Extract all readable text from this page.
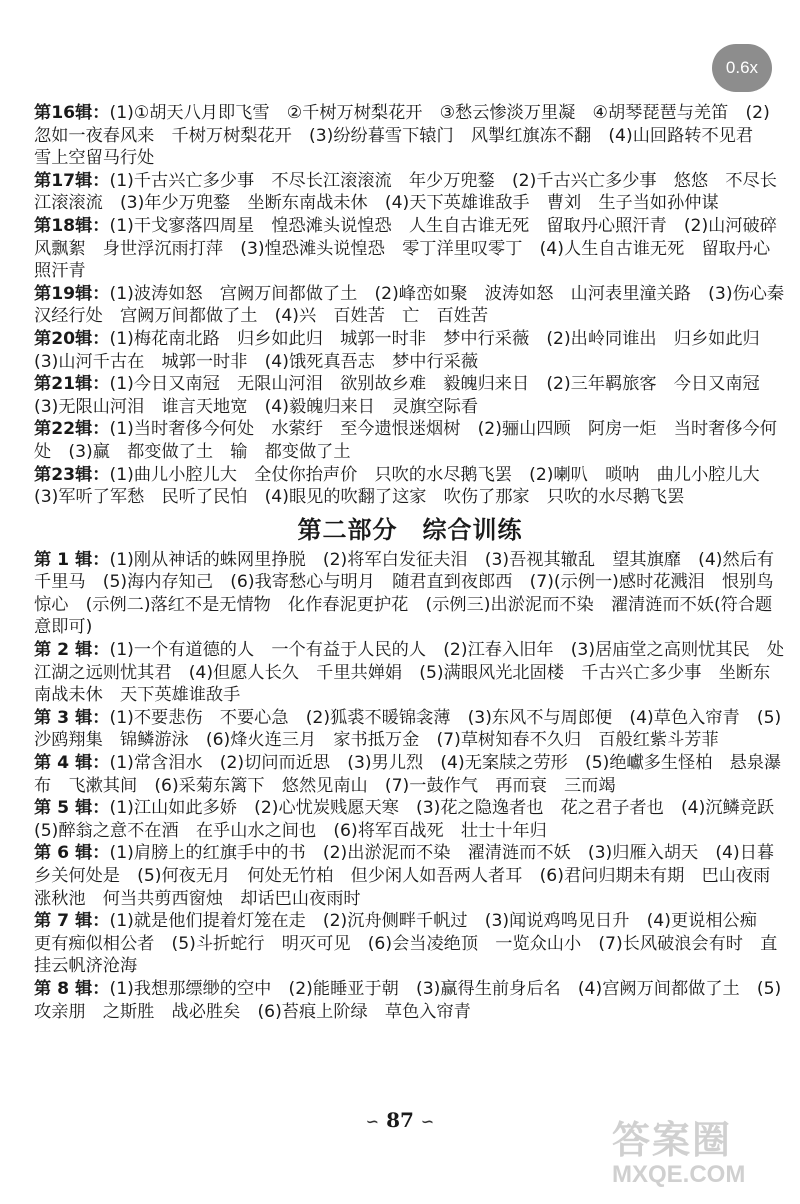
0.6x

第16辑：(1)①胡天八月即飞雪　②千树万树梨花开　③愁云惨淡万里凝　④胡琴琵琶与羌笛　(2)忽如一夜春风来　千树万树梨花开　(3)纷纷暮雪下辕门　风掣红旗冻不翻　(4)山回路转不见君　雪上空留马行处

第17辑：(1)千古兴亡多少事　不尽长江滚滚流　年少万兜鍪　(2)千古兴亡多少事　悠悠　不尽长江滚滚流　(3)年少万兜鍪　坐断东南战未休　(4)天下英雄谁敌手　曹刘　生子当如孙仲谋

第18辑：(1)干戈寥落四周星　惶恐滩头说惶恐　人生自古谁无死　留取丹心照汗青　(2)山河破碎风飘絮　身世浮沉雨打萍　(3)惶恐滩头说惶恐　零丁洋里叹零丁　(4)人生自古谁无死　留取丹心照汗青

第19辑：(1)波涛如怒　宫阙万间都做了土　(2)峰峦如聚　波涛如怒　山河表里潼关路　(3)伤心秦汉经行处　宫阙万间都做了土　(4)兴　百姓苦　亡　百姓苦

第20辑：(1)梅花南北路　归乡如此归　城郭一时非　梦中行采薇　(2)出岭同谁出　归乡如此归　(3)山河千古在　城郭一时非　(4)饿死真吾志　梦中行采薇

第21辑：(1)今日又南冠　无限山河泪　欲别故乡难　毅魄归来日　(2)三年羁旅客　今日又南冠　(3)无限山河泪　谁言天地宽　(4)毅魄归来日　灵旗空际看

第22辑：(1)当时奢侈今何处　水萦纡　至今遗恨迷烟树　(2)骊山四顾　阿房一炬　当时奢侈今何处　(3)赢　都变做了土　输　都变做了土

第23辑：(1)曲儿小腔儿大　全仗你抬声价　只吹的水尽鹅飞罢　(2)喇叭　唢呐　曲儿小腔儿大　(3)军听了军愁　民听了民怕　(4)眼见的吹翻了这家　吹伤了那家　只吹的水尽鹅飞罢

第二部分　综合训练

第 1 辑：(1)刚从神话的蛛网里挣脱　(2)将军白发征夫泪　(3)吾视其辙乱　望其旗靡　(4)然后有千里马　(5)海内存知己　(6)我寄愁心与明月　随君直到夜郎西　(7)(示例一)感时花溅泪　恨别鸟惊心　(示例二)落红不是无情物　化作春泥更护花　(示例三)出淤泥而不染　濯清涟而不妖(符合题意即可)

第 2 辑：(1)一个有道德的人　一个有益于人民的人　(2)江春入旧年　(3)居庙堂之高则忧其民　处江湖之远则忧其君　(4)但愿人长久　千里共婵娟　(5)满眼风光北固楼　千古兴亡多少事　坐断东南战未休　天下英雄谁敌手

第 3 辑：(1)不要悲伤　不要心急　(2)狐裘不暖锦衾薄　(3)东风不与周郎便　(4)草色入帘青　(5)沙鸥翔集　锦鳞游泳　(6)烽火连三月　家书抵万金　(7)草树知春不久归　百般红紫斗芳菲

第 4 辑：(1)常含泪水　(2)切问而近思　(3)男儿烈　(4)无案牍之劳形　(5)绝巘多生怪柏　悬泉瀑布　飞漱其间　(6)采菊东篱下　悠然见南山　(7)一鼓作气　再而衰　三而竭

第 5 辑：(1)江山如此多娇　(2)心忧炭贱愿天寒　(3)花之隐逸者也　花之君子者也　(4)沉鳞竞跃　(5)醉翁之意不在酒　在乎山水之间也　(6)将军百战死　壮士十年归

第 6 辑：(1)肩膀上的红旗手中的书　(2)出淤泥而不染　濯清涟而不妖　(3)归雁入胡天　(4)日暮乡关何处是　(5)何夜无月　何处无竹柏　但少闲人如吾两人者耳　(6)君问归期未有期　巴山夜雨涨秋池　何当共剪西窗烛　却话巴山夜雨时

第 7 辑：(1)就是他们提着灯笼在走　(2)沉舟侧畔千帆过　(3)闻说鸡鸣见日升　(4)更说相公痴　更有痴似相公者　(5)斗折蛇行　明灭可见　(6)会当凌绝顶　一览众山小　(7)长风破浪会有时　直挂云帆济沧海

第 8 辑：(1)我想那缥缈的空中　(2)能睡亚于朝　(3)赢得生前身后名　(4)宫阙万间都做了土　(5)攻亲朋　之斯胜　战必胜矣　(6)苔痕上阶绿　草色入帘青

∽ 87 ∽	答案圈
MXQE.COM
